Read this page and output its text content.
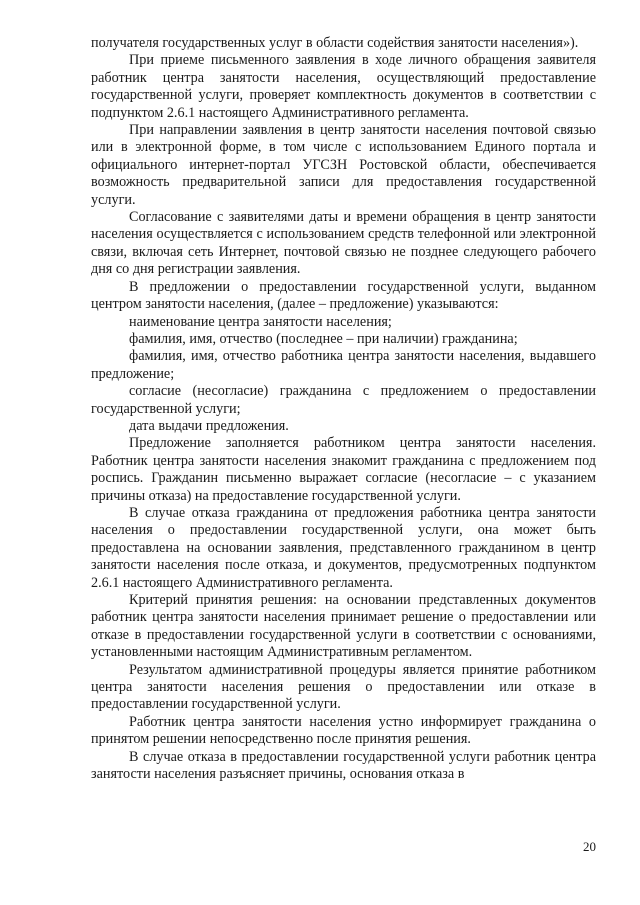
получателя государственных услуг в области содействия занятости населения»).

При приеме письменного заявления в ходе личного обращения заявителя работник центра занятости населения, осуществляющий предоставление государственной услуги, проверяет комплектность документов в соответствии с подпунктом 2.6.1 настоящего Административного регламента.

При направлении заявления в центр занятости населения почтовой связью или в электронной форме, в том числе с использованием Единого портала и официального интернет-портал УГСЗН Ростовской области, обеспечивается возможность предварительной записи для предоставления государственной услуги.

Согласование с заявителями даты и времени обращения в центр занятости населения осуществляется с использованием средств телефонной или электронной связи, включая сеть Интернет, почтовой связью не позднее следующего рабочего дня со дня регистрации заявления.

В предложении о предоставлении государственной услуги, выданном центром занятости населения, (далее – предложение) указываются:

наименование центра занятости населения;

фамилия, имя, отчество (последнее – при наличии) гражданина;

фамилия, имя, отчество работника центра занятости населения, выдавшего предложение;

согласие (несогласие) гражданина с предложением о предоставлении государственной услуги;

дата выдачи предложения.

Предложение заполняется работником центра занятости населения. Работник центра занятости населения знакомит гражданина с предложением под роспись. Гражданин письменно выражает согласие (несогласие – с указанием причины отказа) на предоставление государственной услуги.

В случае отказа гражданина от предложения работника центра занятости населения о предоставлении государственной услуги, она может быть предоставлена на основании заявления, представленного гражданином в центр занятости населения после отказа, и документов, предусмотренных подпунктом 2.6.1 настоящего Административного регламента.

Критерий принятия решения: на основании представленных документов работник центра занятости населения принимает решение о предоставлении или отказе в предоставлении государственной услуги в соответствии с основаниями, установленными настоящим Административным регламентом.

Результатом административной процедуры является принятие работником центра занятости населения решения о предоставлении или отказе в предоставлении государственной услуги.

Работник центра занятости населения устно информирует гражданина о принятом решении непосредственно после принятия решения.

В случае отказа в предоставлении государственной услуги работник центра занятости населения разъясняет причины, основания отказа в

20
